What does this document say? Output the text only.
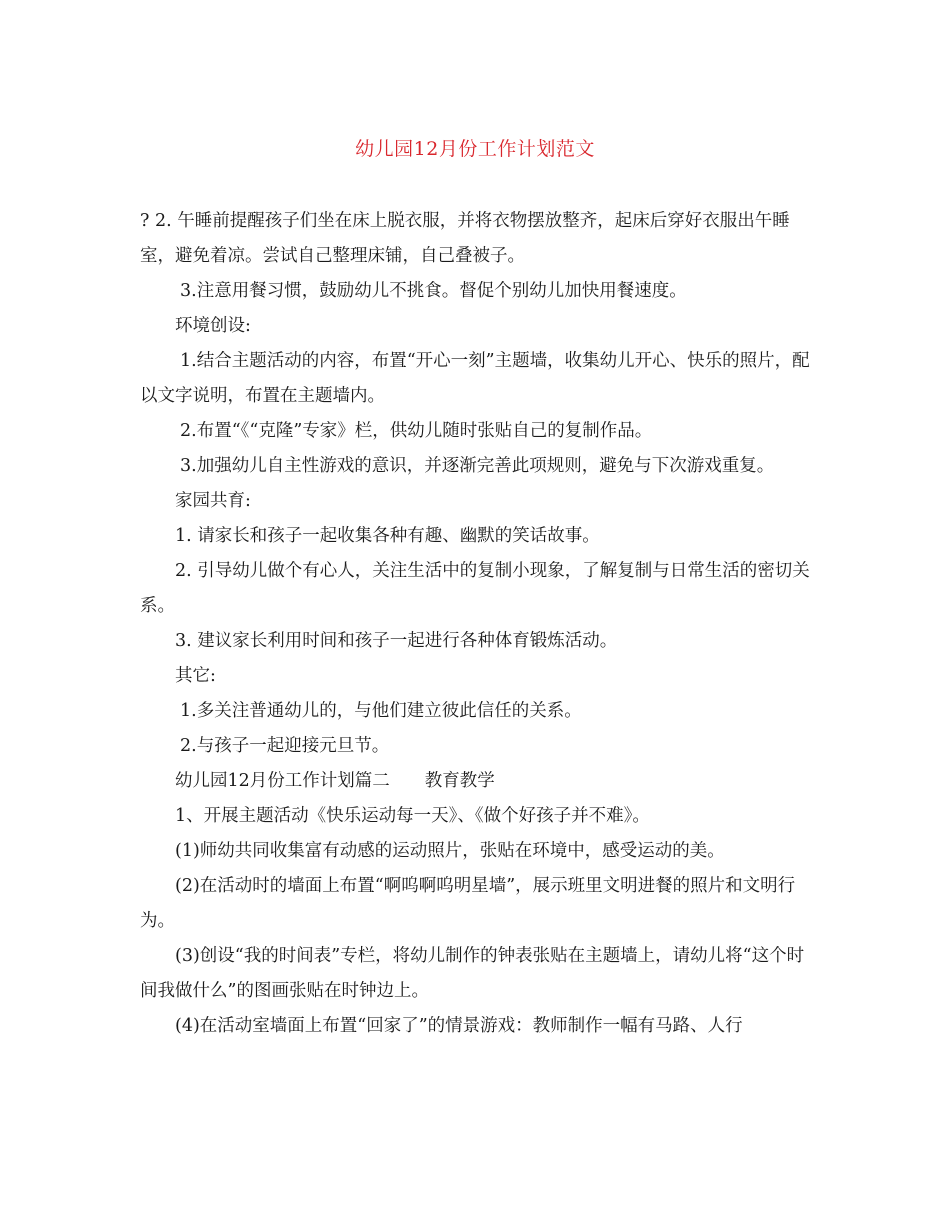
幼儿园12月份工作计划范文

? 2. 午睡前提醒孩子们坐在床上脱衣服，并将衣物摆放整齐，起床后穿好衣服出午睡室，避免着凉。尝试自己整理床铺，自己叠被子。

3.注意用餐习惯，鼓励幼儿不挑食。督促个别幼儿加快用餐速度。

环境创设:

1.结合主题活动的内容，布置“开心一刻”主题墙，收集幼儿开心、快乐的照片，配以文字说明，布置在主题墙内。

2.布置“《“克隆”专家》栏，供幼儿随时张贴自己的复制作品。

3.加强幼儿自主性游戏的意识，并逐渐完善此项规则，避免与下次游戏重复。

家园共育:

1. 请家长和孩子一起收集各种有趣、幽默的笑话故事。

2. 引导幼儿做个有心人，关注生活中的复制小现象，了解复制与日常生活的密切关系。

3. 建议家长利用时间和孩子一起进行各种体育锻炼活动。

其它:

1.多关注普通幼儿的，与他们建立彼此信任的关系。

2.与孩子一起迎接元旦节。

幼儿园12月份工作计划篇二　　教育教学

1、开展主题活动《快乐运动每一天》、《做个好孩子并不难》。

(1)师幼共同收集富有动感的运动照片，张贴在环境中，感受运动的美。

(2)在活动时的墙面上布置“啊呜啊呜明星墙”，展示班里文明进餐的照片和文明行为。

(3)创设“我的时间表”专栏，将幼儿制作的钟表张贴在主题墙上，请幼儿将“这个时间我做什么”的图画张贴在时钟边上。

(4)在活动室墙面上布置“回家了”的情景游戏：教师制作一幅有马路、人行
